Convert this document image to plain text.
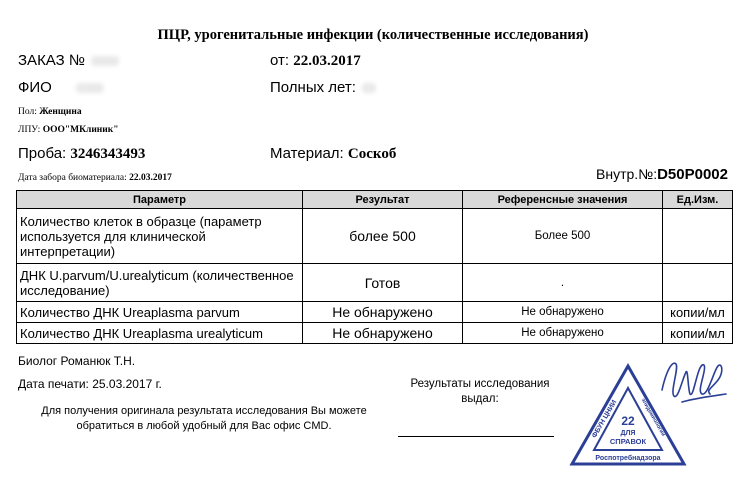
ПЦР, урогенитальные инфекции (количественные исследования)
ЗАКАЗ №	от: 22.03.2017
ФИО	Полных лет:
Пол: Женщина
ЛПУ: ООО"МКлиник"
Проба: 3246343493	Материал: Соскоб
Дата забора биоматериала: 22.03.2017	Внутр.№:D50P0002
Параметр	Результат	Референсные значения	Ед.Изм.
Количество клеток в образце (параметр используется для клинической интерпретации)	более 500	Более 500	
ДНК U.parvum/U.urealyticum (количественное исследование)	Готов	.	
Количество ДНК Ureaplasma parvum	Не обнаружено	Не обнаружено	копии/мл
Количество ДНК Ureaplasma urealyticum	Не обнаружено	Не обнаружено	копии/мл
Биолог Романюк Т.Н.
Дата печати: 25.03.2017 г.
Для получения оригинала результата исследования Вы можете
обратиться в любой удобный для Вас офис CMD.
Результаты исследования
выдал:
ФБУН ЦНИИ	эпидемиологии
22
ДЛЯ
СПРАВОК
Роспотребнадзора
